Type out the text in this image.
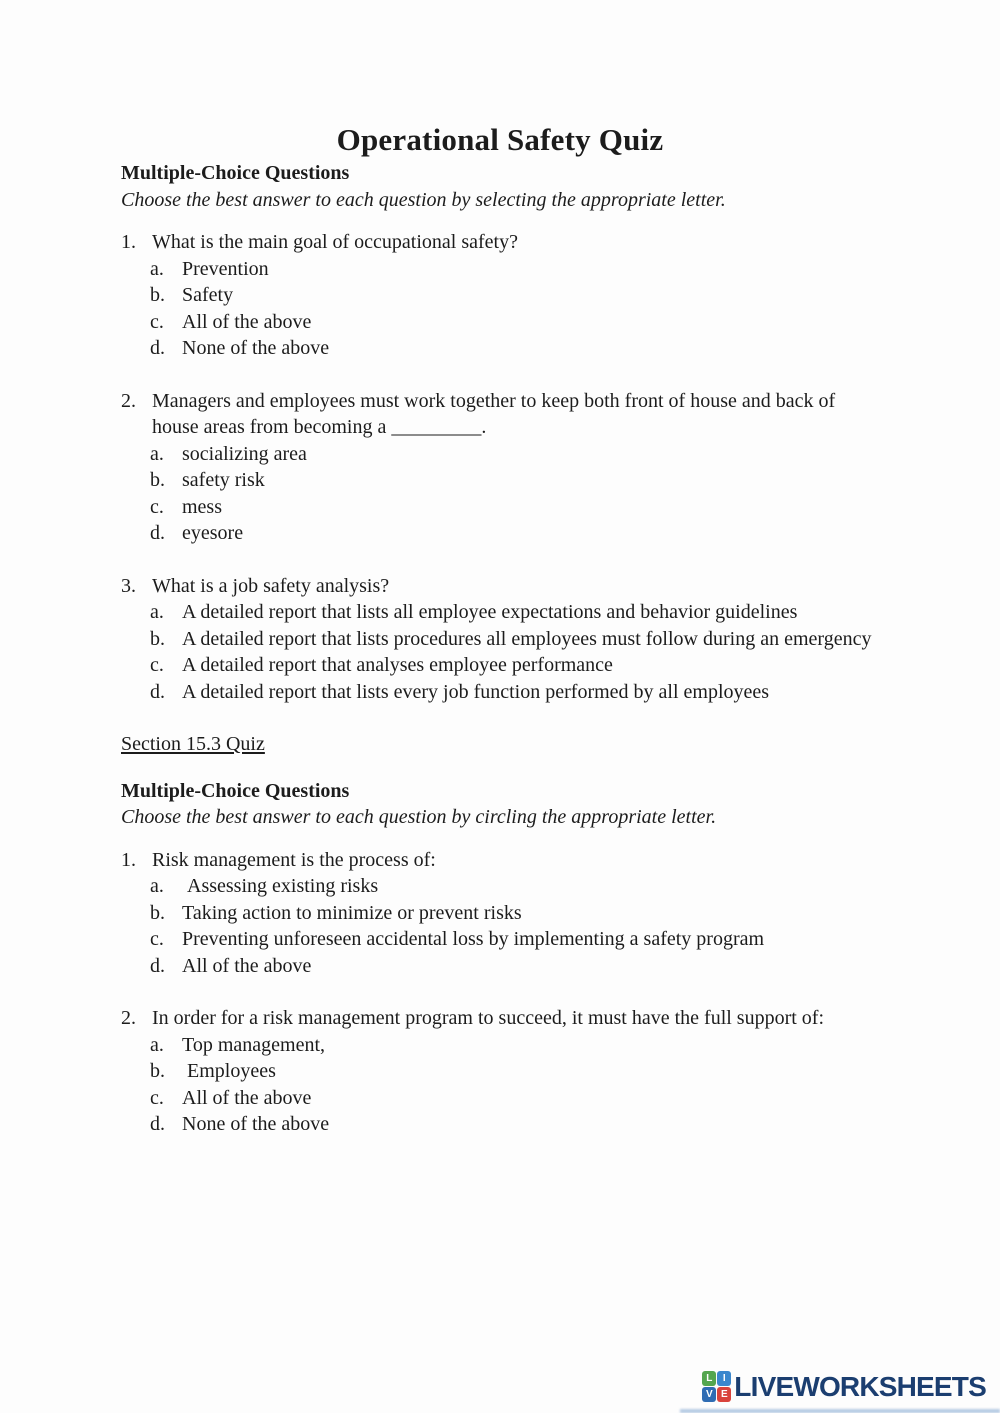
Operational Safety Quiz
Multiple-Choice Questions
Choose the best answer to each question by selecting the appropriate letter.
1. What is the main goal of occupational safety?
a. Prevention
b. Safety
c. All of the above
d. None of the above
2. Managers and employees must work together to keep both front of house and back of house areas from becoming a _________.
a. socializing area
b. safety risk
c. mess
d. eyesore
3. What is a job safety analysis?
a. A detailed report that lists all employee expectations and behavior guidelines
b. A detailed report that lists procedures all employees must follow during an emergency
c. A detailed report that analyses employee performance
d. A detailed report that lists every job function performed by all employees
Section 15.3 Quiz
Multiple-Choice Questions
Choose the best answer to each question by circling the appropriate letter.
1. Risk management is the process of:
a. Assessing existing risks
b. Taking action to minimize or prevent risks
c. Preventing unforeseen accidental loss by implementing a safety program
d. All of the above
2. In order for a risk management program to succeed, it must have the full support of:
a. Top management,
b. Employees
c. All of the above
d. None of the above
L	I
V E LIVEWORKSHEETS
